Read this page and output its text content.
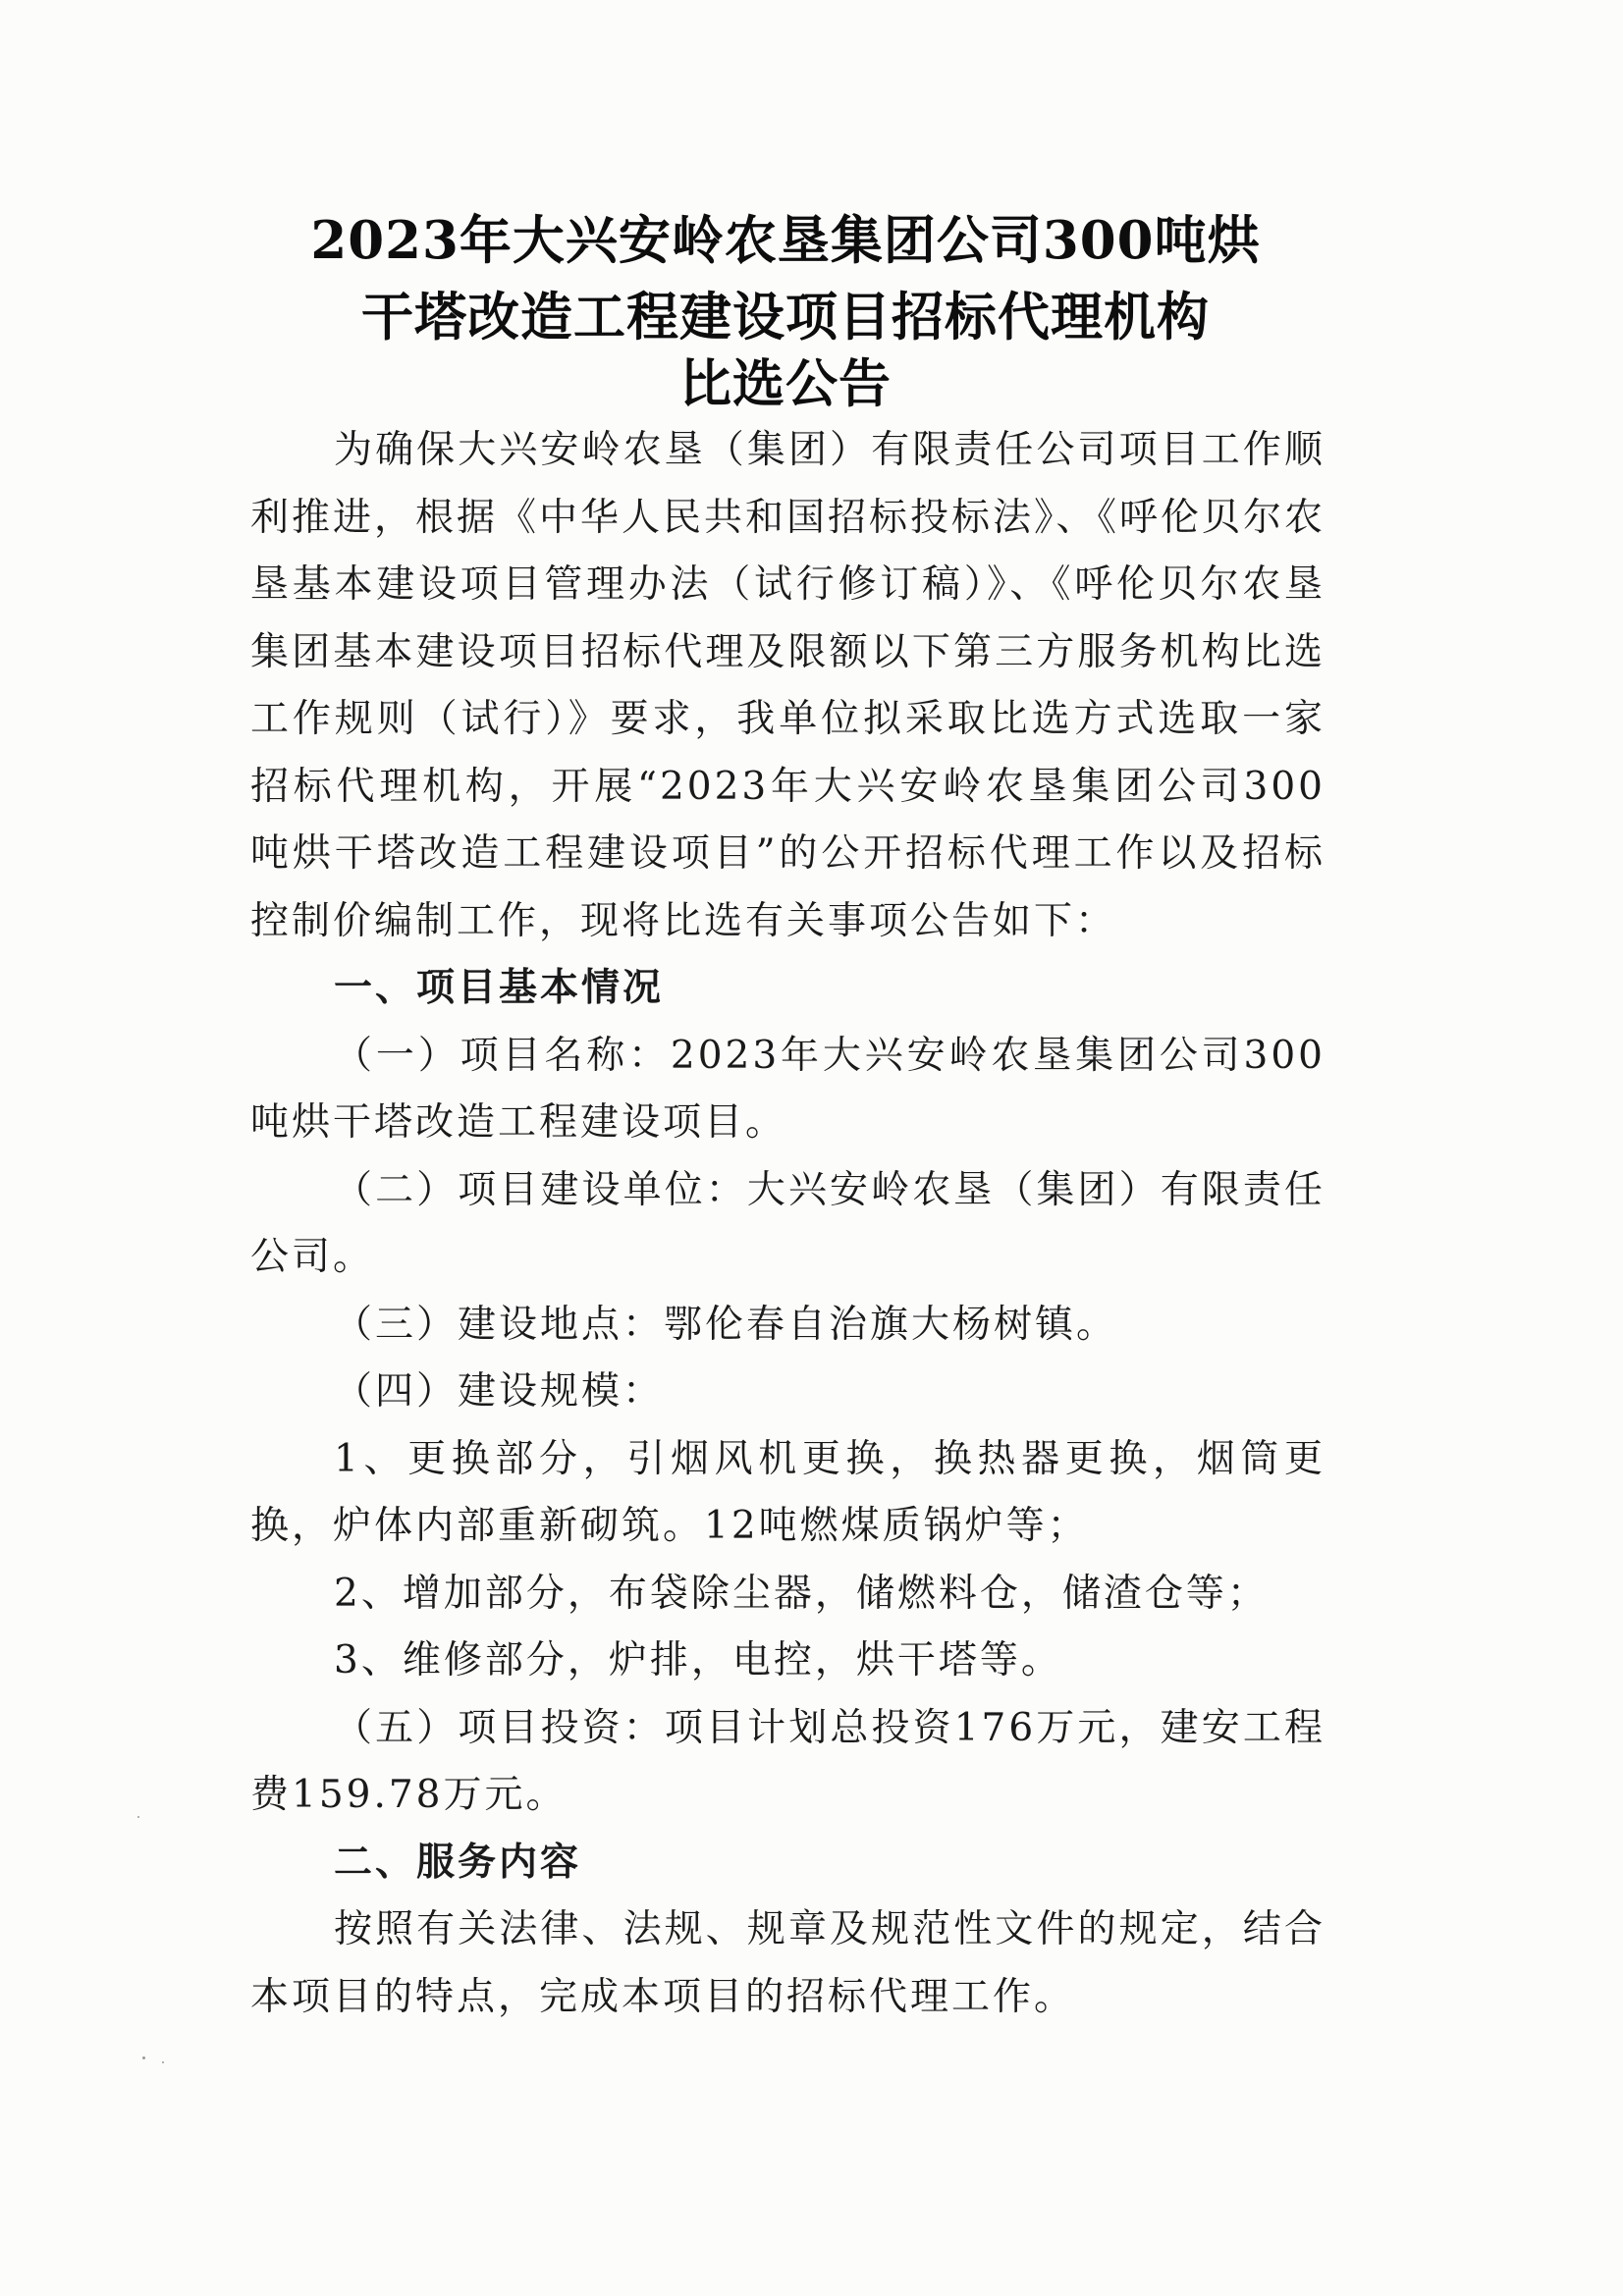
2023年大兴安岭农垦集团公司300吨烘
干塔改造工程建设项目招标代理机构
比选公告

为确保大兴安岭农垦（集团）有限责任公司项目工作顺利推进，根据《中华人民共和国招标投标法》、《呼伦贝尔农垦基本建设项目管理办法（试行修订稿）》、《呼伦贝尔农垦集团基本建设项目招标代理及限额以下第三方服务机构比选工作规则（试行）》要求，我单位拟采取比选方式选取一家招标代理机构，开展“2023年大兴安岭农垦集团公司300吨烘干塔改造工程建设项目”的公开招标代理工作以及招标控制价编制工作，现将比选有关事项公告如下：

一、项目基本情况

（一）项目名称：2023年大兴安岭农垦集团公司300吨烘干塔改造工程建设项目。

（二）项目建设单位：大兴安岭农垦（集团）有限责任公司。

（三）建设地点：鄂伦春自治旗大杨树镇。

（四）建设规模：

1、更换部分，引烟风机更换，换热器更换，烟筒更换，炉体内部重新砌筑。12吨燃煤质锅炉等；

2、增加部分，布袋除尘器，储燃料仓，储渣仓等；

3、维修部分，炉排，电控，烘干塔等。

（五）项目投资：项目计划总投资176万元，建安工程费159.78万元。

二、服务内容

按照有关法律、法规、规章及规范性文件的规定，结合本项目的特点，完成本项目的招标代理工作。
